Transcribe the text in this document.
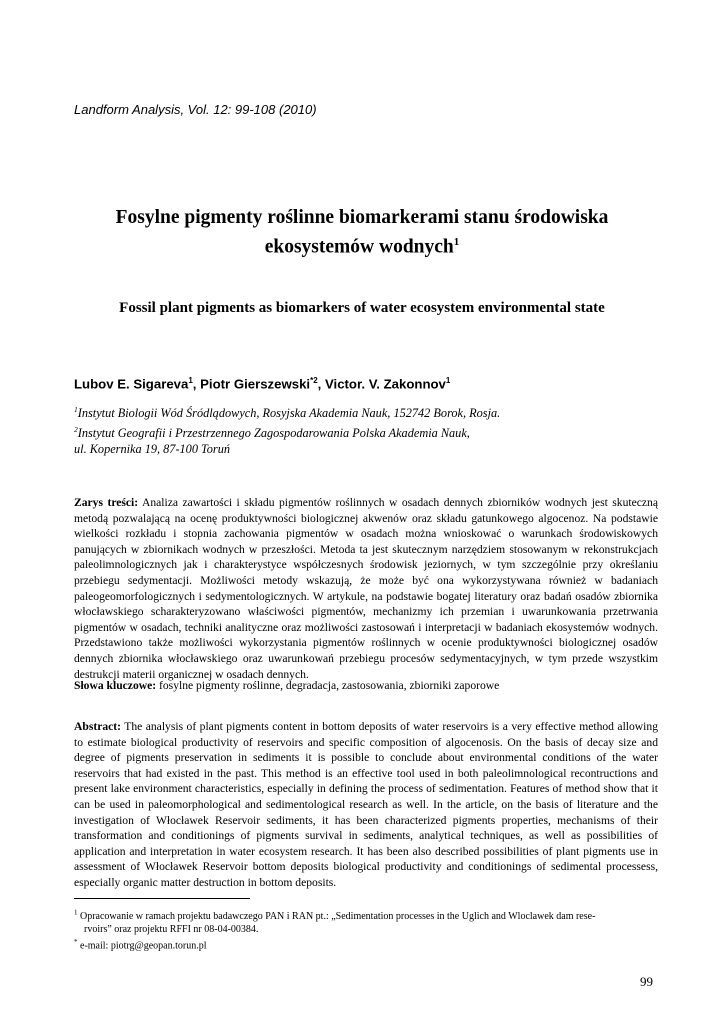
Landform Analysis, Vol. 12: 99-108 (2010)
Fosylne pigmenty roślinne biomarkerami stanu środowiska
ekosystemów wodnych$^1$
Fossil plant pigments as biomarkers of water ecosystem environmental state
Lubov E. Sigareva$^1$, Piotr Gierszewski$^{*2}$, Victor. V. Zakonnov$^1$
$^1$Instytut Biologii Wód Śródlądowych, Rosyjska Akademia Nauk, 152742 Borok, Rosja.
$^2$Instytut Geografii i Przestrzennego Zagospodarowania Polska Akademia Nauk,
ul. Kopernika 19, 87-100 Toruń
Zarys treści: Analiza zawartości i składu pigmentów roślinnych w osadach dennych zbiorników wodnych jest skuteczną metodą pozwalającą na ocenę produktywności biologicznej akwenów oraz składu gatunkowego algocenoz. Na podstawie wielkości rozkładu i stopnia zachowania pigmentów w osadach można wnioskować o warunkach środowiskowych panujących w zbiornikach wodnych w przeszłości. Metoda ta jest skutecznym narzędziem stosowanym w rekonstrukcjach paleolimnologicznych jak i charakterystyce współczesnych środowisk jeziornych, w tym szczególnie przy określaniu przebiegu sedymentacji. Możliwości metody wskazują, że może być ona wykorzystywana również w badaniach paleogeomorfologicznych i sedymentologicznych. W artykule, na podstawie bogatej literatury oraz badań osadów zbiornika włocławskiego scharakteryzowano właściwości pigmentów, mechanizmy ich przemian i uwarunkowania przetrwania pigmentów w osadach, techniki analityczne oraz możliwości zastosowań i interpretacji w badaniach ekosystemów wodnych. Przedstawiono także możliwości wykorzystania pigmentów roślinnych w ocenie produktywności biologicznej osadów dennych zbiornika włocławskiego oraz uwarunkowań przebiegu procesów sedymentacyjnych, w tym przede wszystkim destrukcji materii organicznej w osadach dennych.
Słowa kluczowe: fosylne pigmenty roślinne, degradacja, zastosowania, zbiorniki zaporowe
Abstract: The analysis of plant pigments content in bottom deposits of water reservoirs is a very effective method allowing to estimate biological productivity of reservoirs and specific composition of algocenosis. On the basis of decay size and degree of pigments preservation in sediments it is possible to conclude about environmental conditions of the water reservoirs that had existed in the past. This method is an effective tool used in both paleolimnological recontructions and present lake environment characteristics, especially in defining the process of sedimentation. Features of method show that it can be used in paleomorphological and sedimentological research as well. In the article, on the basis of literature and the investigation of Włocławek Reservoir sediments, it has been characterized pigments properties, mechanisms of their transformation and conditionings of pigments survival in sediments, analytical techniques, as well as possibilities of application and interpretation in water ecosystem research. It has been also described possibilities of plant pigments use in assessment of Włocławek Reservoir bottom deposits biological productivity and conditionings of sedimental processess, especially organic matter destruction in bottom deposits.
$^1$ Opracowanie w ramach projektu badawczego PAN i RAN pt.: „Sedimentation processes in the Uglich and Wloclawek dam rese-
rvoirs” oraz projektu RFFI nr 08-04-00384.
* e-mail: piotrg@geopan.torun.pl
99
